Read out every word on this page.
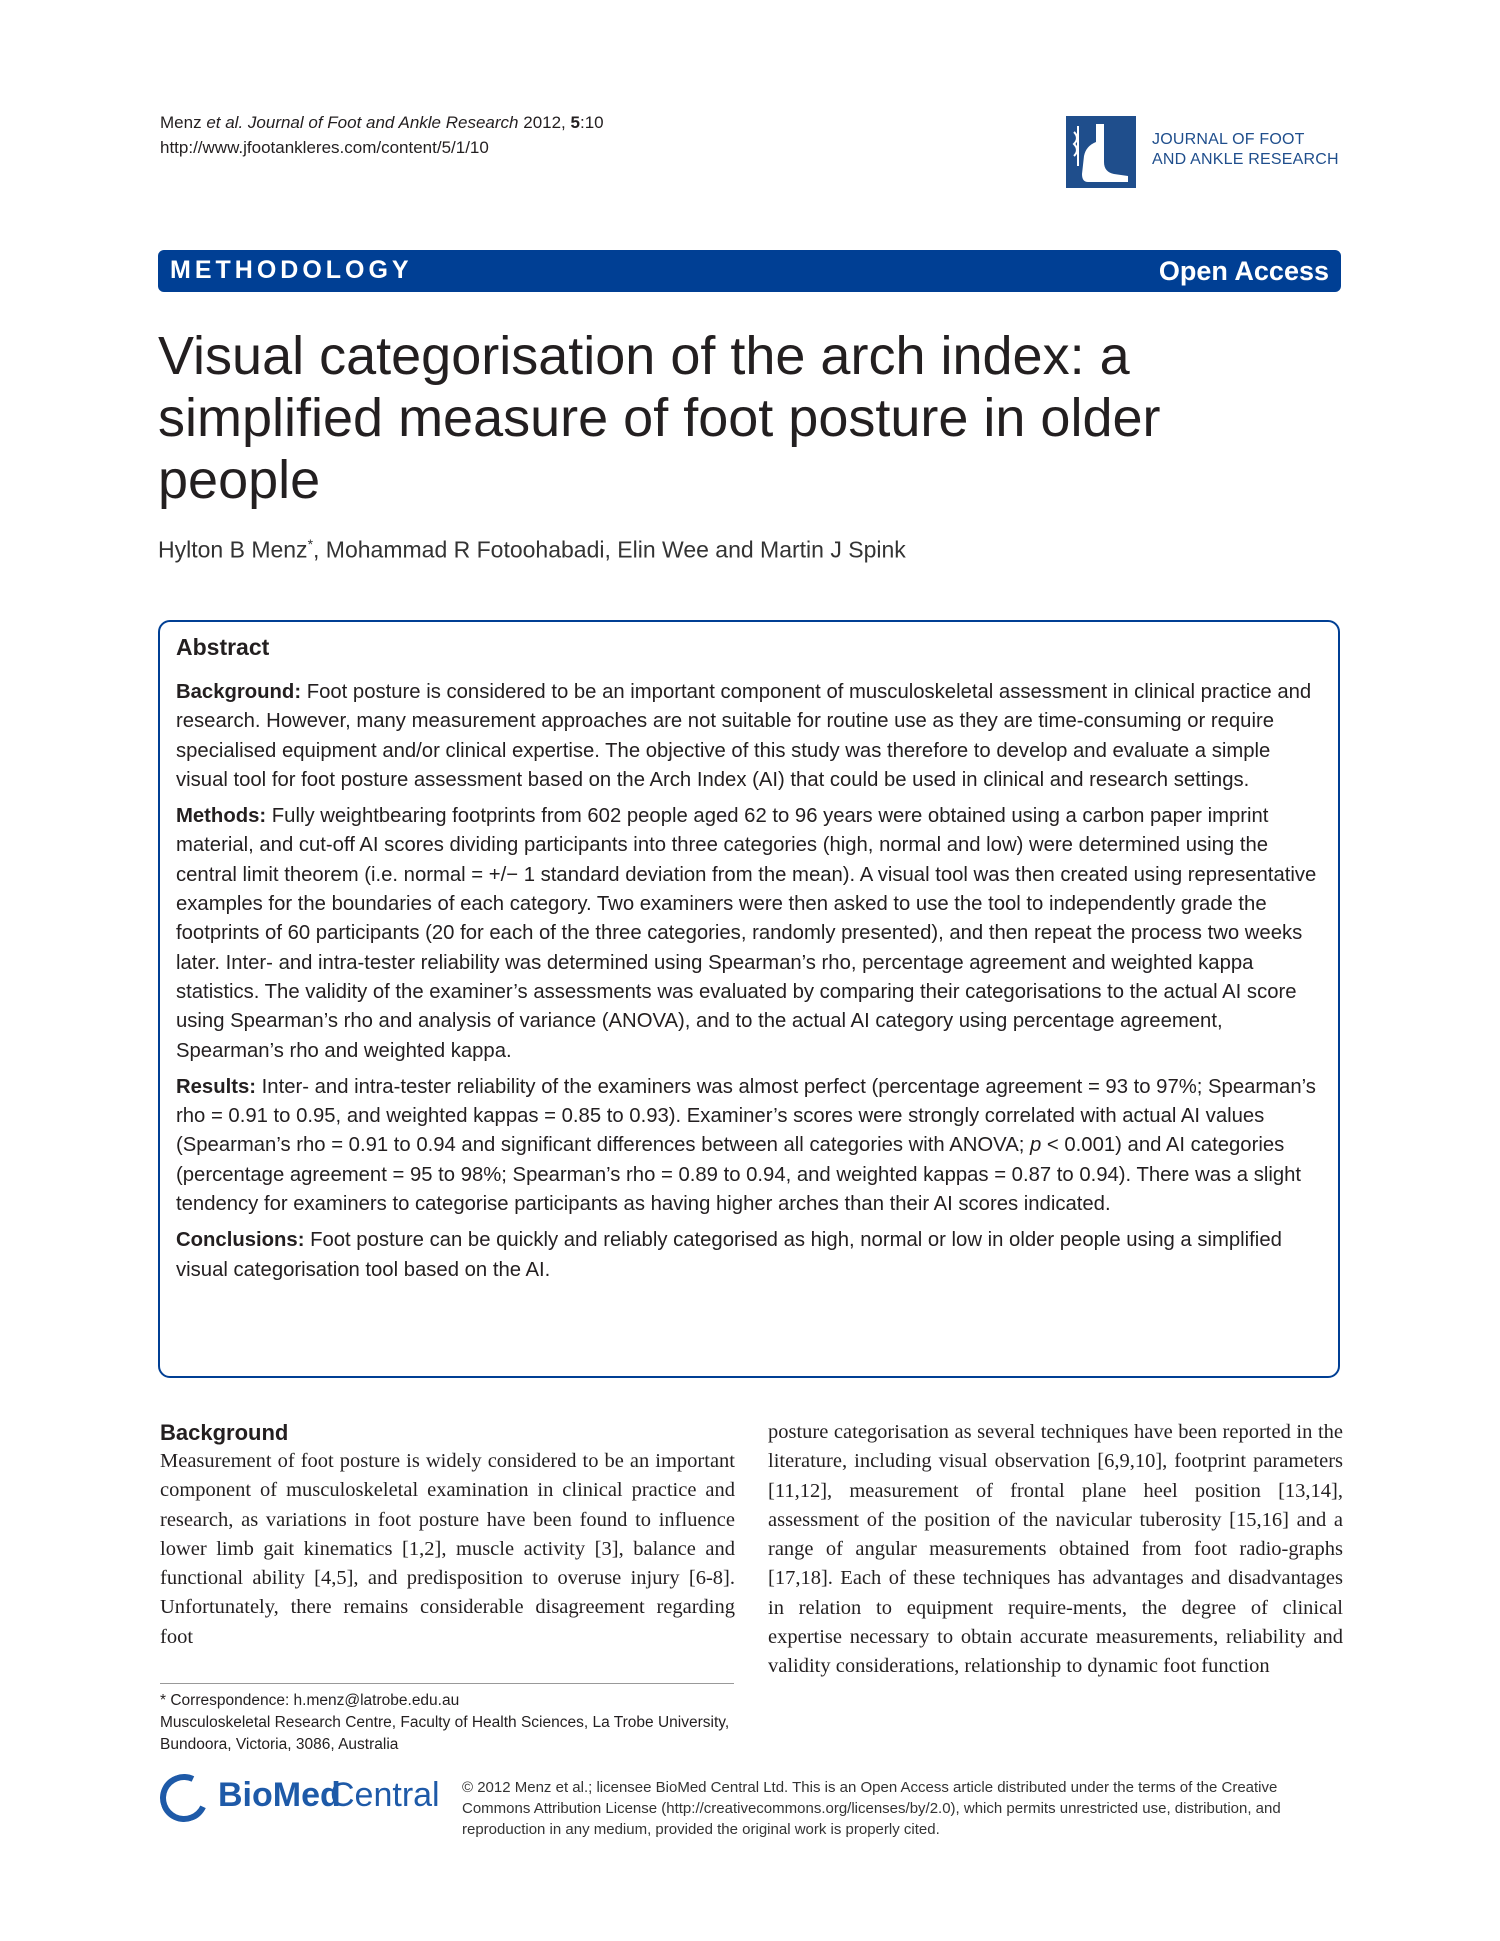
Menz et al. Journal of Foot and Ankle Research 2012, 5:10
http://www.jfootankleres.com/content/5/1/10	JOURNAL OF FOOT
AND ANKLE RESEARCH
METHODOLOGY	Open Access
Visual categorisation of the arch index: a simplified measure of foot posture in older people
Hylton B Menz*, Mohammad R Fotoohabadi, Elin Wee and Martin J Spink
Abstract

Background: Foot posture is considered to be an important component of musculoskeletal assessment in clinical practice and research. However, many measurement approaches are not suitable for routine use as they are time-consuming or require specialised equipment and/or clinical expertise. The objective of this study was therefore to develop and evaluate a simple visual tool for foot posture assessment based on the Arch Index (AI) that could be used in clinical and research settings.

Methods: Fully weightbearing footprints from 602 people aged 62 to 96 years were obtained using a carbon paper imprint material, and cut-off AI scores dividing participants into three categories (high, normal and low) were determined using the central limit theorem (i.e. normal = +/− 1 standard deviation from the mean). A visual tool was then created using representative examples for the boundaries of each category. Two examiners were then asked to use the tool to independently grade the footprints of 60 participants (20 for each of the three categories, randomly presented), and then repeat the process two weeks later. Inter- and intra-tester reliability was determined using Spearman’s rho, percentage agreement and weighted kappa statistics. The validity of the examiner’s assessments was evaluated by comparing their categorisations to the actual AI score using Spearman’s rho and analysis of variance (ANOVA), and to the actual AI category using percentage agreement, Spearman’s rho and weighted kappa.

Results: Inter- and intra-tester reliability of the examiners was almost perfect (percentage agreement = 93 to 97%; Spearman’s rho = 0.91 to 0.95, and weighted kappas = 0.85 to 0.93). Examiner’s scores were strongly correlated with actual AI values (Spearman’s rho = 0.91 to 0.94 and significant differences between all categories with ANOVA; p < 0.001) and AI categories (percentage agreement = 95 to 98%; Spearman’s rho = 0.89 to 0.94, and weighted kappas = 0.87 to 0.94). There was a slight tendency for examiners to categorise participants as having higher arches than their AI scores indicated.

Conclusions: Foot posture can be quickly and reliably categorised as high, normal or low in older people using a simplified visual categorisation tool based on the AI.

Background

Measurement of foot posture is widely considered to be an important component of musculoskeletal examination in clinical practice and research, as variations in foot posture have been found to influence lower limb gait kinematics [1,2], muscle activity [3], balance and functional ability [4,5], and predisposition to overuse injury [6-8]. Unfortunately, there remains considerable disagreement regarding foot

posture categorisation as several techniques have been reported in the literature, including visual observation [6,9,10], footprint parameters [11,12], measurement of frontal plane heel position [13,14], assessment of the position of the navicular tuberosity [15,16] and a range of angular measurements obtained from foot radio-graphs [17,18]. Each of these techniques has advantages and disadvantages in relation to equipment require-ments, the degree of clinical expertise necessary to obtain accurate measurements, reliability and validity considerations, relationship to dynamic foot function

* Correspondence: h.menz@latrobe.edu.au

Musculoskeletal Research Centre, Faculty of Health Sciences, La Trobe University, Bundoora, Victoria, 3086, Australia

BioMed
Central © 2012 Menz et al.; licensee BioMed Central Ltd. This is an Open Access article distributed under the terms of the Creative Commons Attribution License (http://creativecommons.org/licenses/by/2.0), which permits unrestricted use, distribution, and reproduction in any medium, provided the original work is properly cited.
